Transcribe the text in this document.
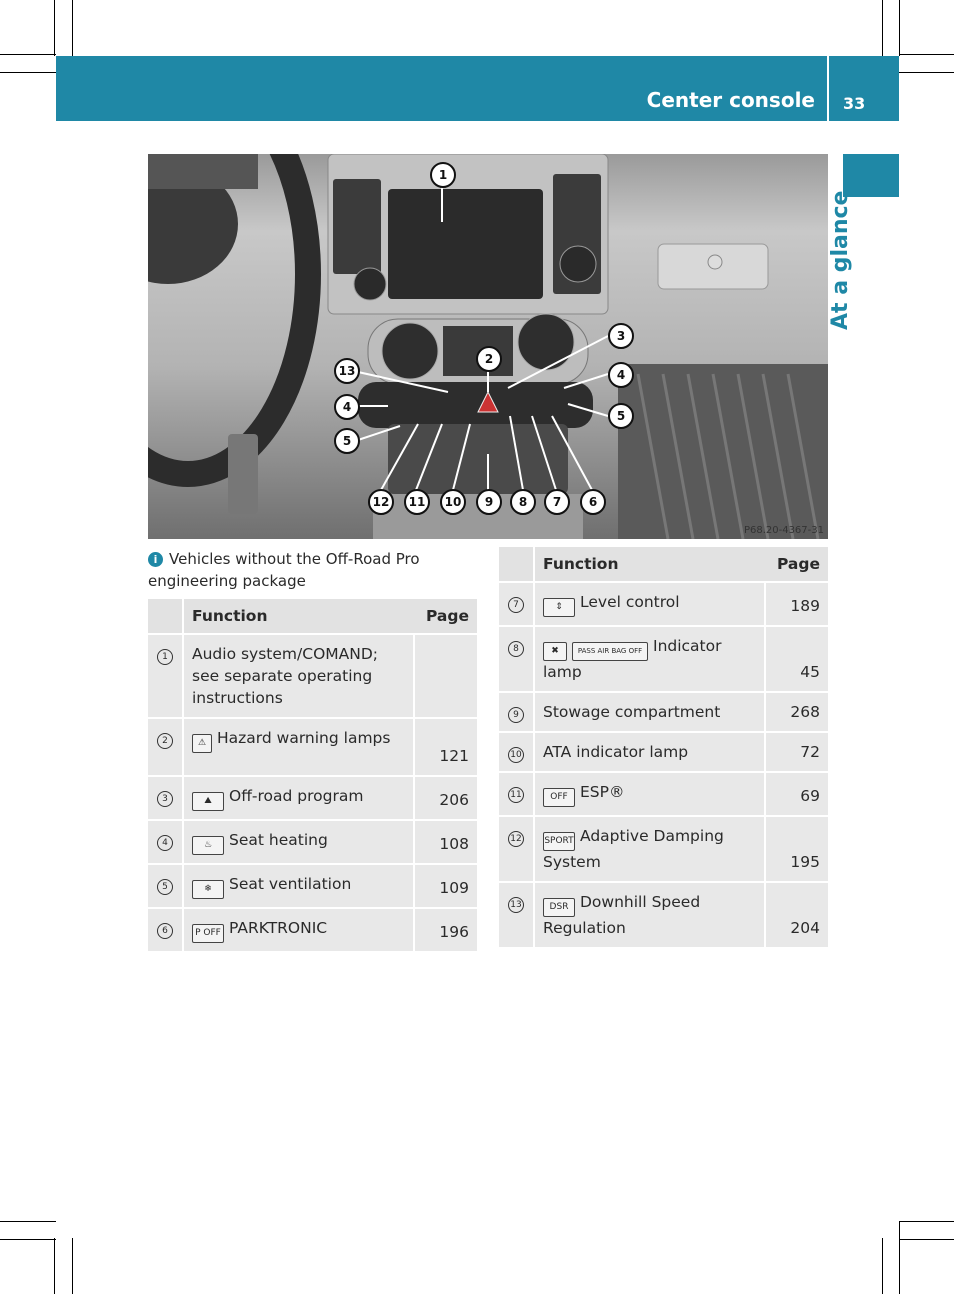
Center console 33
At a glance
1
2
3
4
5
4
5
13
12	11	10	9	8	7	6
P68.20-4367-31
i Vehicles without the Off-Road Pro engineering package
	Function	Page
1	Audio system/COMAND; see separate operating instructions	
2	⚠ Hazard warning lamps	121
3	⛰ Off-road program	206
4	♨ Seat heating	108
5	❄ Seat ventilation	109
6	P OFF PARKTRONIC	196
	Function	Page
7	⇕ Level control	189
8	✖ PASS AIR BAG OFF Indicator lamp	45
9	Stowage compartment	268
10	ATA indicator lamp	72
11	OFF ESP®	69
12	SPORT Adaptive Damping System	195
13	DSR Downhill Speed Regulation	204
